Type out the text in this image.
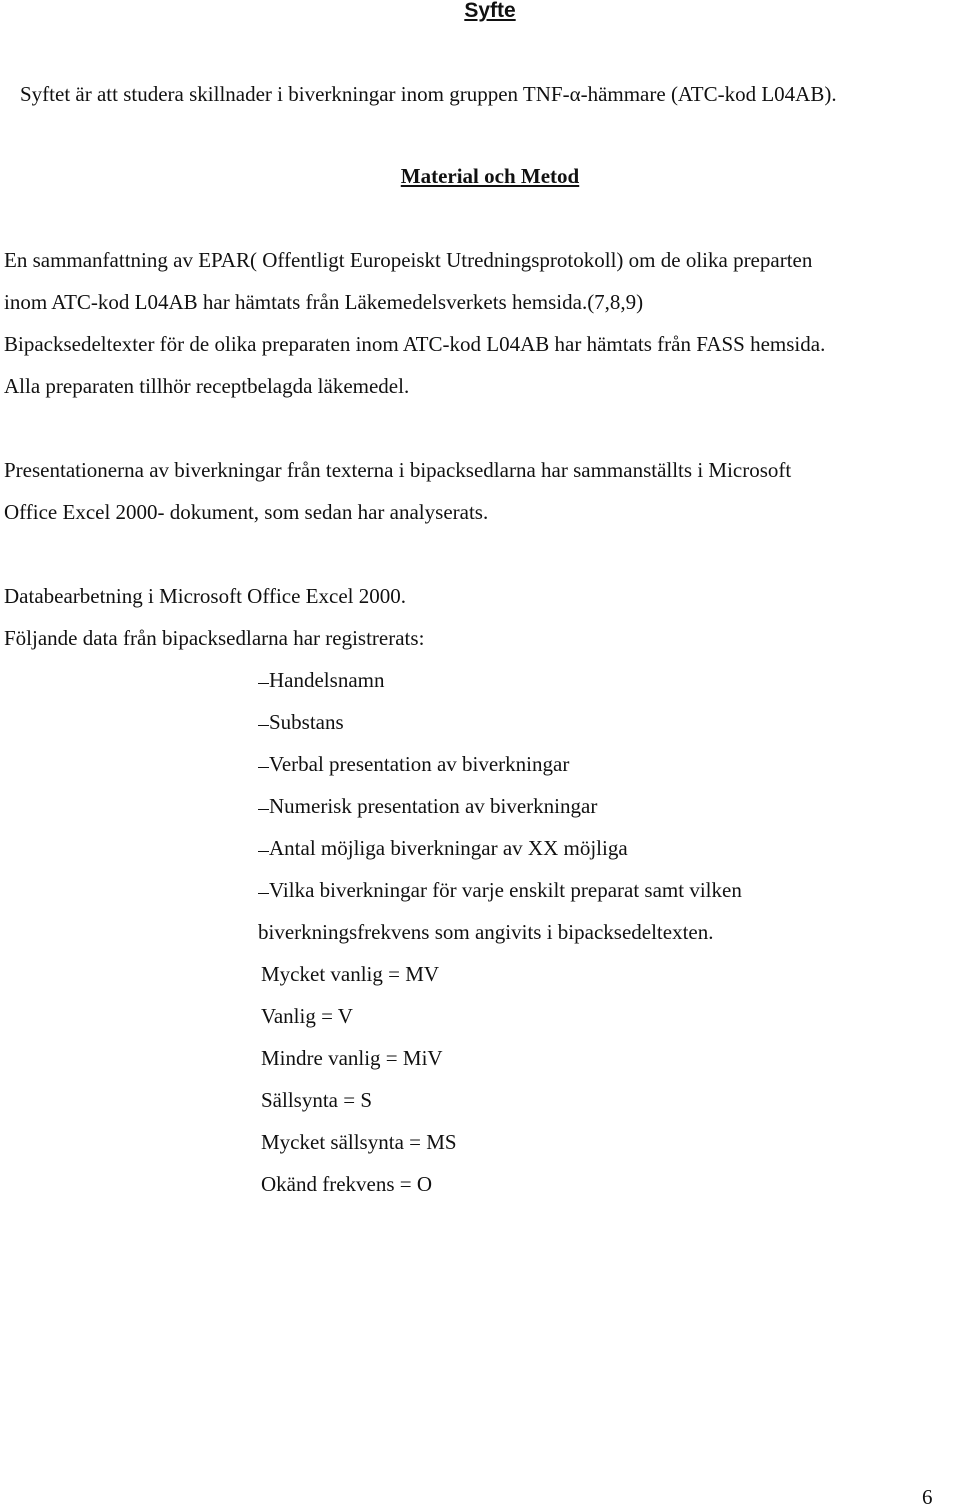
Syfte
Syftet är att studera skillnader i biverkningar inom gruppen TNF-α-hämmare (ATC-kod L04AB).
Material och Metod
En sammanfattning av EPAR( Offentligt Europeiskt Utredningsprotokoll) om de olika preparten
inom ATC-kod L04AB har hämtats från Läkemedelsverkets hemsida.(7,8,9)
Bipacksedeltexter för de olika preparaten inom ATC-kod L04AB har hämtats från FASS hemsida.
Alla preparaten tillhör receptbelagda läkemedel.
Presentationerna av biverkningar från texterna i bipacksedlarna har sammanställts i Microsoft
Office Excel 2000- dokument, som sedan har analyserats.
Databearbetning i Microsoft Office Excel 2000.
Följande data från bipacksedlarna har registrerats:
Handelsnamn
Substans
Verbal presentation av biverkningar
Numerisk presentation av biverkningar
Antal möjliga biverkningar av XX möjliga
Vilka biverkningar för varje enskilt preparat samt vilken
biverkningsfrekvens som angivits i bipacksedeltexten.
Mycket vanlig = MV
Vanlig = V
Mindre vanlig = MiV
Sällsynta = S
Mycket sällsynta = MS
Okänd frekvens = O
6
